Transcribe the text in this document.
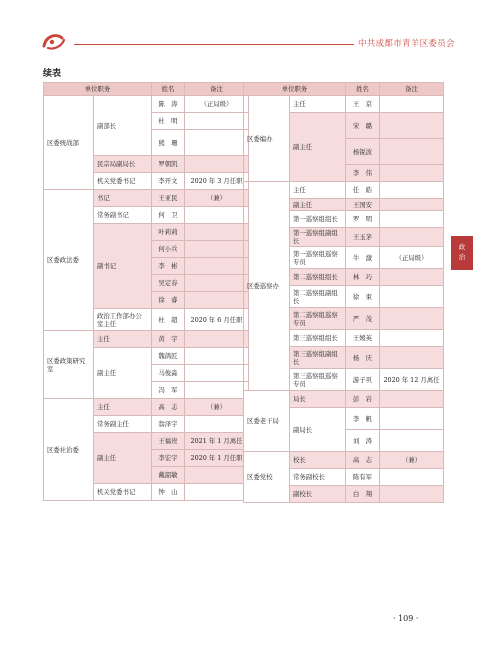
中共成都市青羊区委员会
续表
单位职务		姓名	备注
区委统战部	副部长	陈　涛	（正局级）
		杜　明	
		熊　珊	
	民宗局副局长	罗朝凯	
	机关党委书记	李开文	2020 年 3 月任职
区委政法委	书记	王亚民	（兼）
	常务副书记	何　卫	
	副书记	叶莉莉	
		何小兵	
		李　彬	
		吴定春	
		徐　睿	
	政治工作部办公室主任	杜　超	2020 年 6 月任职
区委政策研究室	主任	黄　宇	
	副主任	魏鸽匠	
		马俊淼	
		冯　军	
区委社治委	主任	高　志	（兼）
	常务副主任	翁泽宇	
	副主任	王福贵	2021 年 1 月离任
		李宏宇	2020 年 1 月任职
		戴韶敏	
	机关党委书记	钟　山	
单位职务		姓名	备注
区委编办	主任	王　京	
	副主任	宋　璐	
		杨锐波	
		李　伟	
区委巡察办	主任	任　皓	
	副主任	王国安	
	第一巡察组组长	罗　明	
	第一巡察组副组长	王玉茅	
	第一巡察组巡察专员	牛　激	（正局级）
	第二巡察组组长	林　巧	
	第二巡察组副组长	徐　束	
	第二巡察组巡察专员	严　茂	
	第三巡察组组长	王媛英	
	第三巡察组副组长	杨　庆	
	第三巡察组巡察专员	游子巩	2020 年 12 月离任
区委老干局	局长	彭　岩	
	副局长	李　帆	
		刘　涛	
区委党校	校长	高　志	（兼）
	常务副校长	陈有军	
	副校长	白　翔	
政
治
· 109 ·
